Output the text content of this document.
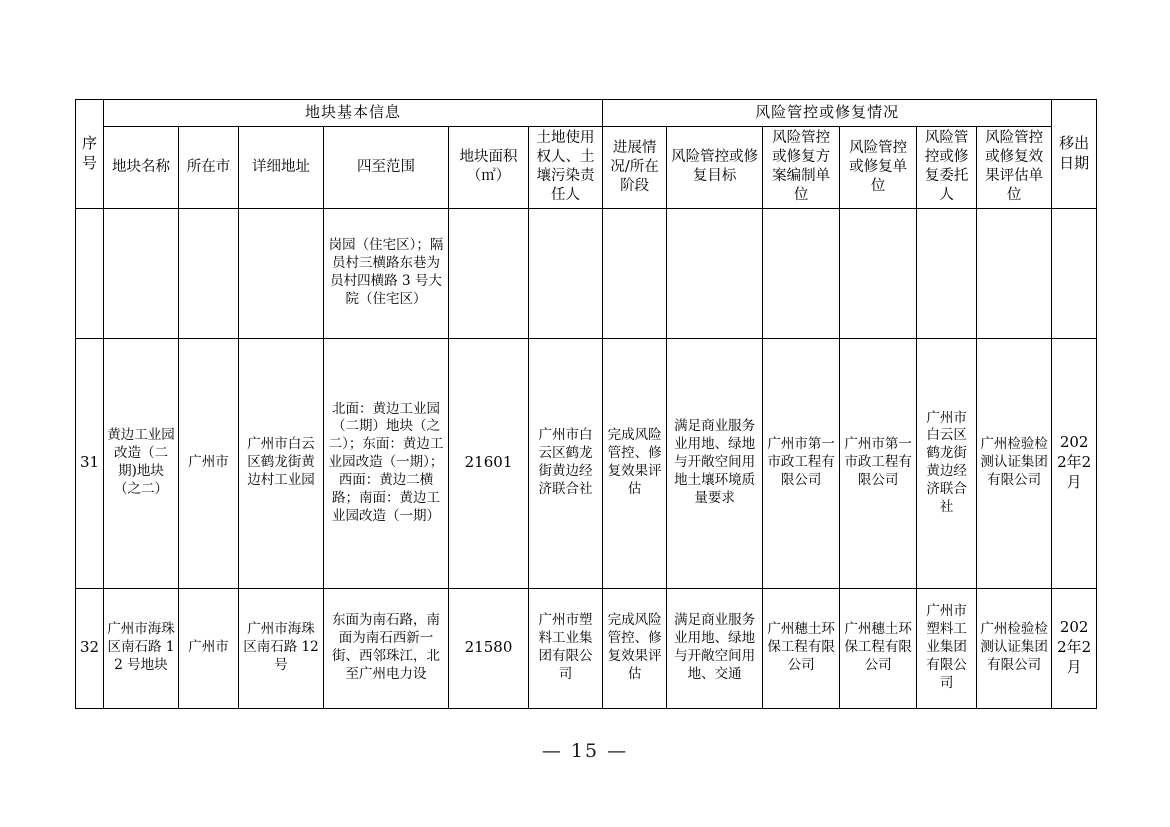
序号	地块基本信息						风险管控或修复情况						移出日期
	地块名称	所在市	详细地址	四至范围	地块面积（㎡）	土地使用权人、土壤污染责任人	进展情况/所在阶段	风险管控或修复目标	风险管控或修复方案编制单位	风险管控或修复单位	风险管控或修复委托人	风险管控或修复效果评估单位	
				岗园（住宅区）；隔员村三横路东巷为员村四横路 3 号大院（住宅区）									
31	黄边工业园改造（二期)地块（之二）	广州市	广州市白云区鹤龙街黄边村工业园	北面：黄边工业园（二期）地块（之二）；东面：黄边工业园改造（一期）；西面：黄边二横路；南面：黄边工业园改造（一期）	21601	广州市白云区鹤龙街黄边经济联合社	完成风险管控、修复效果评估	满足商业服务业用地、绿地与开敞空间用地土壤环境质量要求	广州市第一市政工程有限公司	广州市第一市政工程有限公司	广州市白云区鹤龙街黄边经济联合社	广州检验检测认证集团有限公司	2022年2月
32	广州市海珠区南石路 12 号地块	广州市	广州市海珠区南石路 12 号	东面为南石路，南面为南石西新一街、西邻珠江，北至广州电力设	21580	广州市塑料工业集团有限公司	完成风险管控、修复效果评估	满足商业服务业用地、绿地与开敞空间用地、交通	广州穗土环保工程有限公司	广州穗土环保工程有限公司	广州市塑料工业集团有限公司	广州检验检测认证集团有限公司	2022年2月
— 15 —
